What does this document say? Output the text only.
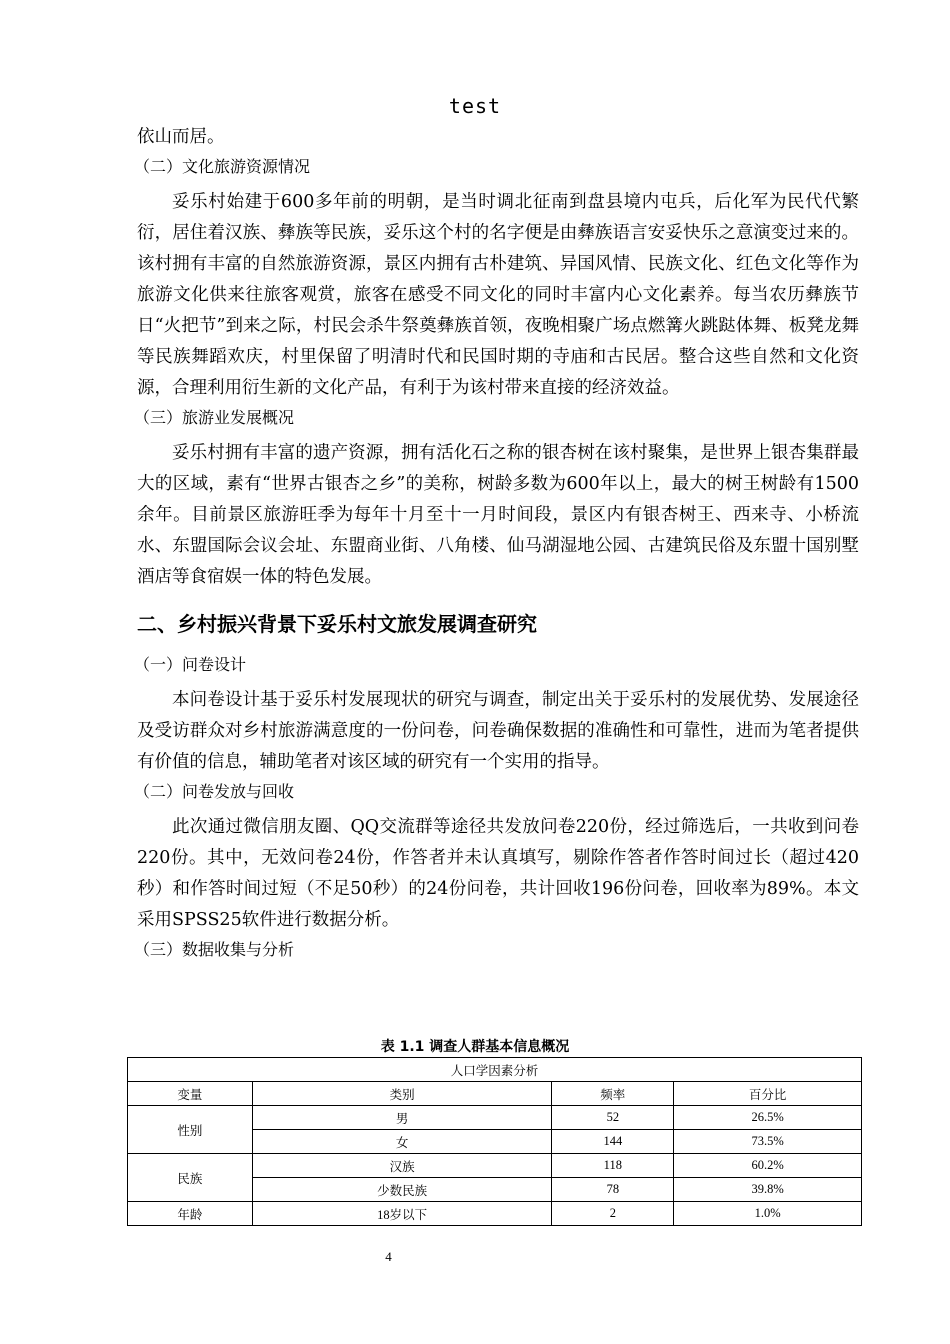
test
依山而居。
（二）文化旅游资源情况
妥乐村始建于600多年前的明朝，是当时调北征南到盘县境内屯兵，后化军为民代代繁衍，居住着汉族、彝族等民族，妥乐这个村的名字便是由彝族语言安妥快乐之意演变过来的。该村拥有丰富的自然旅游资源，景区内拥有古朴建筑、异国风情、民族文化、红色文化等作为旅游文化供来往旅客观赏，旅客在感受不同文化的同时丰富内心文化素养。每当农历彝族节日“火把节”到来之际，村民会杀牛祭奠彝族首领，夜晚相聚广场点燃篝火跳跶体舞、板凳龙舞等民族舞蹈欢庆，村里保留了明清时代和民国时期的寺庙和古民居。整合这些自然和文化资源，合理利用衍生新的文化产品，有利于为该村带来直接的经济效益。
（三）旅游业发展概况
妥乐村拥有丰富的遗产资源，拥有活化石之称的银杏树在该村聚集，是世界上银杏集群最大的区域，素有“世界古银杏之乡”的美称，树龄多数为600年以上，最大的树王树龄有1500余年。目前景区旅游旺季为每年十月至十一月时间段，景区内有银杏树王、西来寺、小桥流水、东盟国际会议会址、东盟商业街、八角楼、仙马湖湿地公园、古建筑民俗及东盟十国别墅酒店等食宿娱一体的特色发展。
二、乡村振兴背景下妥乐村文旅发展调查研究
（一）问卷设计
本问卷设计基于妥乐村发展现状的研究与调查，制定出关于妥乐村的发展优势、发展途径及受访群众对乡村旅游满意度的一份问卷，问卷确保数据的准确性和可靠性，进而为笔者提供有价值的信息，辅助笔者对该区域的研究有一个实用的指导。
（二）问卷发放与回收
此次通过微信朋友圈、QQ交流群等途径共发放问卷220份，经过筛选后，一共收到问卷220份。其中，无效问卷24份，作答者并未认真填写，剔除作答者作答时间过长（超过420秒）和作答时间过短（不足50秒）的24份问卷，共计回收196份问卷，回收率为89%。本文采用SPSS25软件进行数据分析。
（三）数据收集与分析
表 1.1 调查人群基本信息概况
人口学因素分析			
变量	类别	频率	百分比
性别	男	52	26.5%
	女	144	73.5%
民族	汉族	118	60.2%
	少数民族	78	39.8%
年龄	18岁以下	2	1.0%
4
